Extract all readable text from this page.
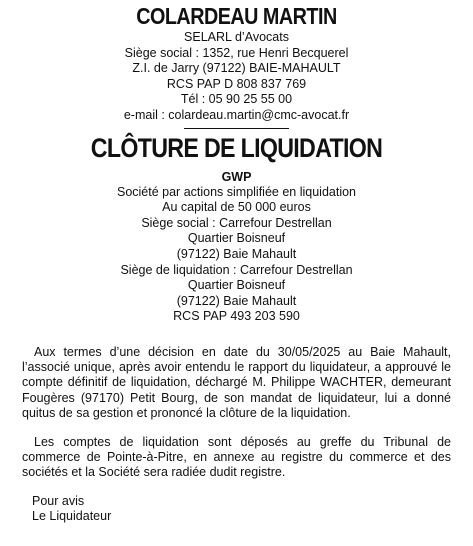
COLARDEAU MARTIN

SELARL d’Avocats

Siège social : 1352, rue Henri Becquerel

Z.I. de Jarry (97122) BAIE-MAHAULT

RCS PAP D 808 837 769

Tél : 05 90 25 55 00

e-mail : colardeau.martin@cmc-avocat.fr

CLÔTURE DE LIQUIDATION

GWP

Société par actions simplifiée en liquidation

Au capital de 50 000 euros

Siège social : Carrefour Destrellan

Quartier Boisneuf

(97122) Baie Mahault

Siège de liquidation : Carrefour Destrellan

Quartier Boisneuf

(97122) Baie Mahault

RCS PAP 493 203 590

Aux termes d’une décision en date du 30/05/2025 au Baie Mahault, l’associé unique, après avoir entendu le rapport du liquidateur, a approuvé le compte définitif de liquidation, déchargé M. Philippe WACHTER, demeurant Fougères (97170) Petit Bourg, de son mandat de liquidateur, lui a donné quitus de sa gestion et prononcé la clôture de la liquidation.

Les comptes de liquidation sont déposés au greffe du Tribunal de commerce de Pointe-à-Pitre, en annexe au registre du commerce et des sociétés et la Société sera radiée dudit registre.

Pour avis

Le Liquidateur
